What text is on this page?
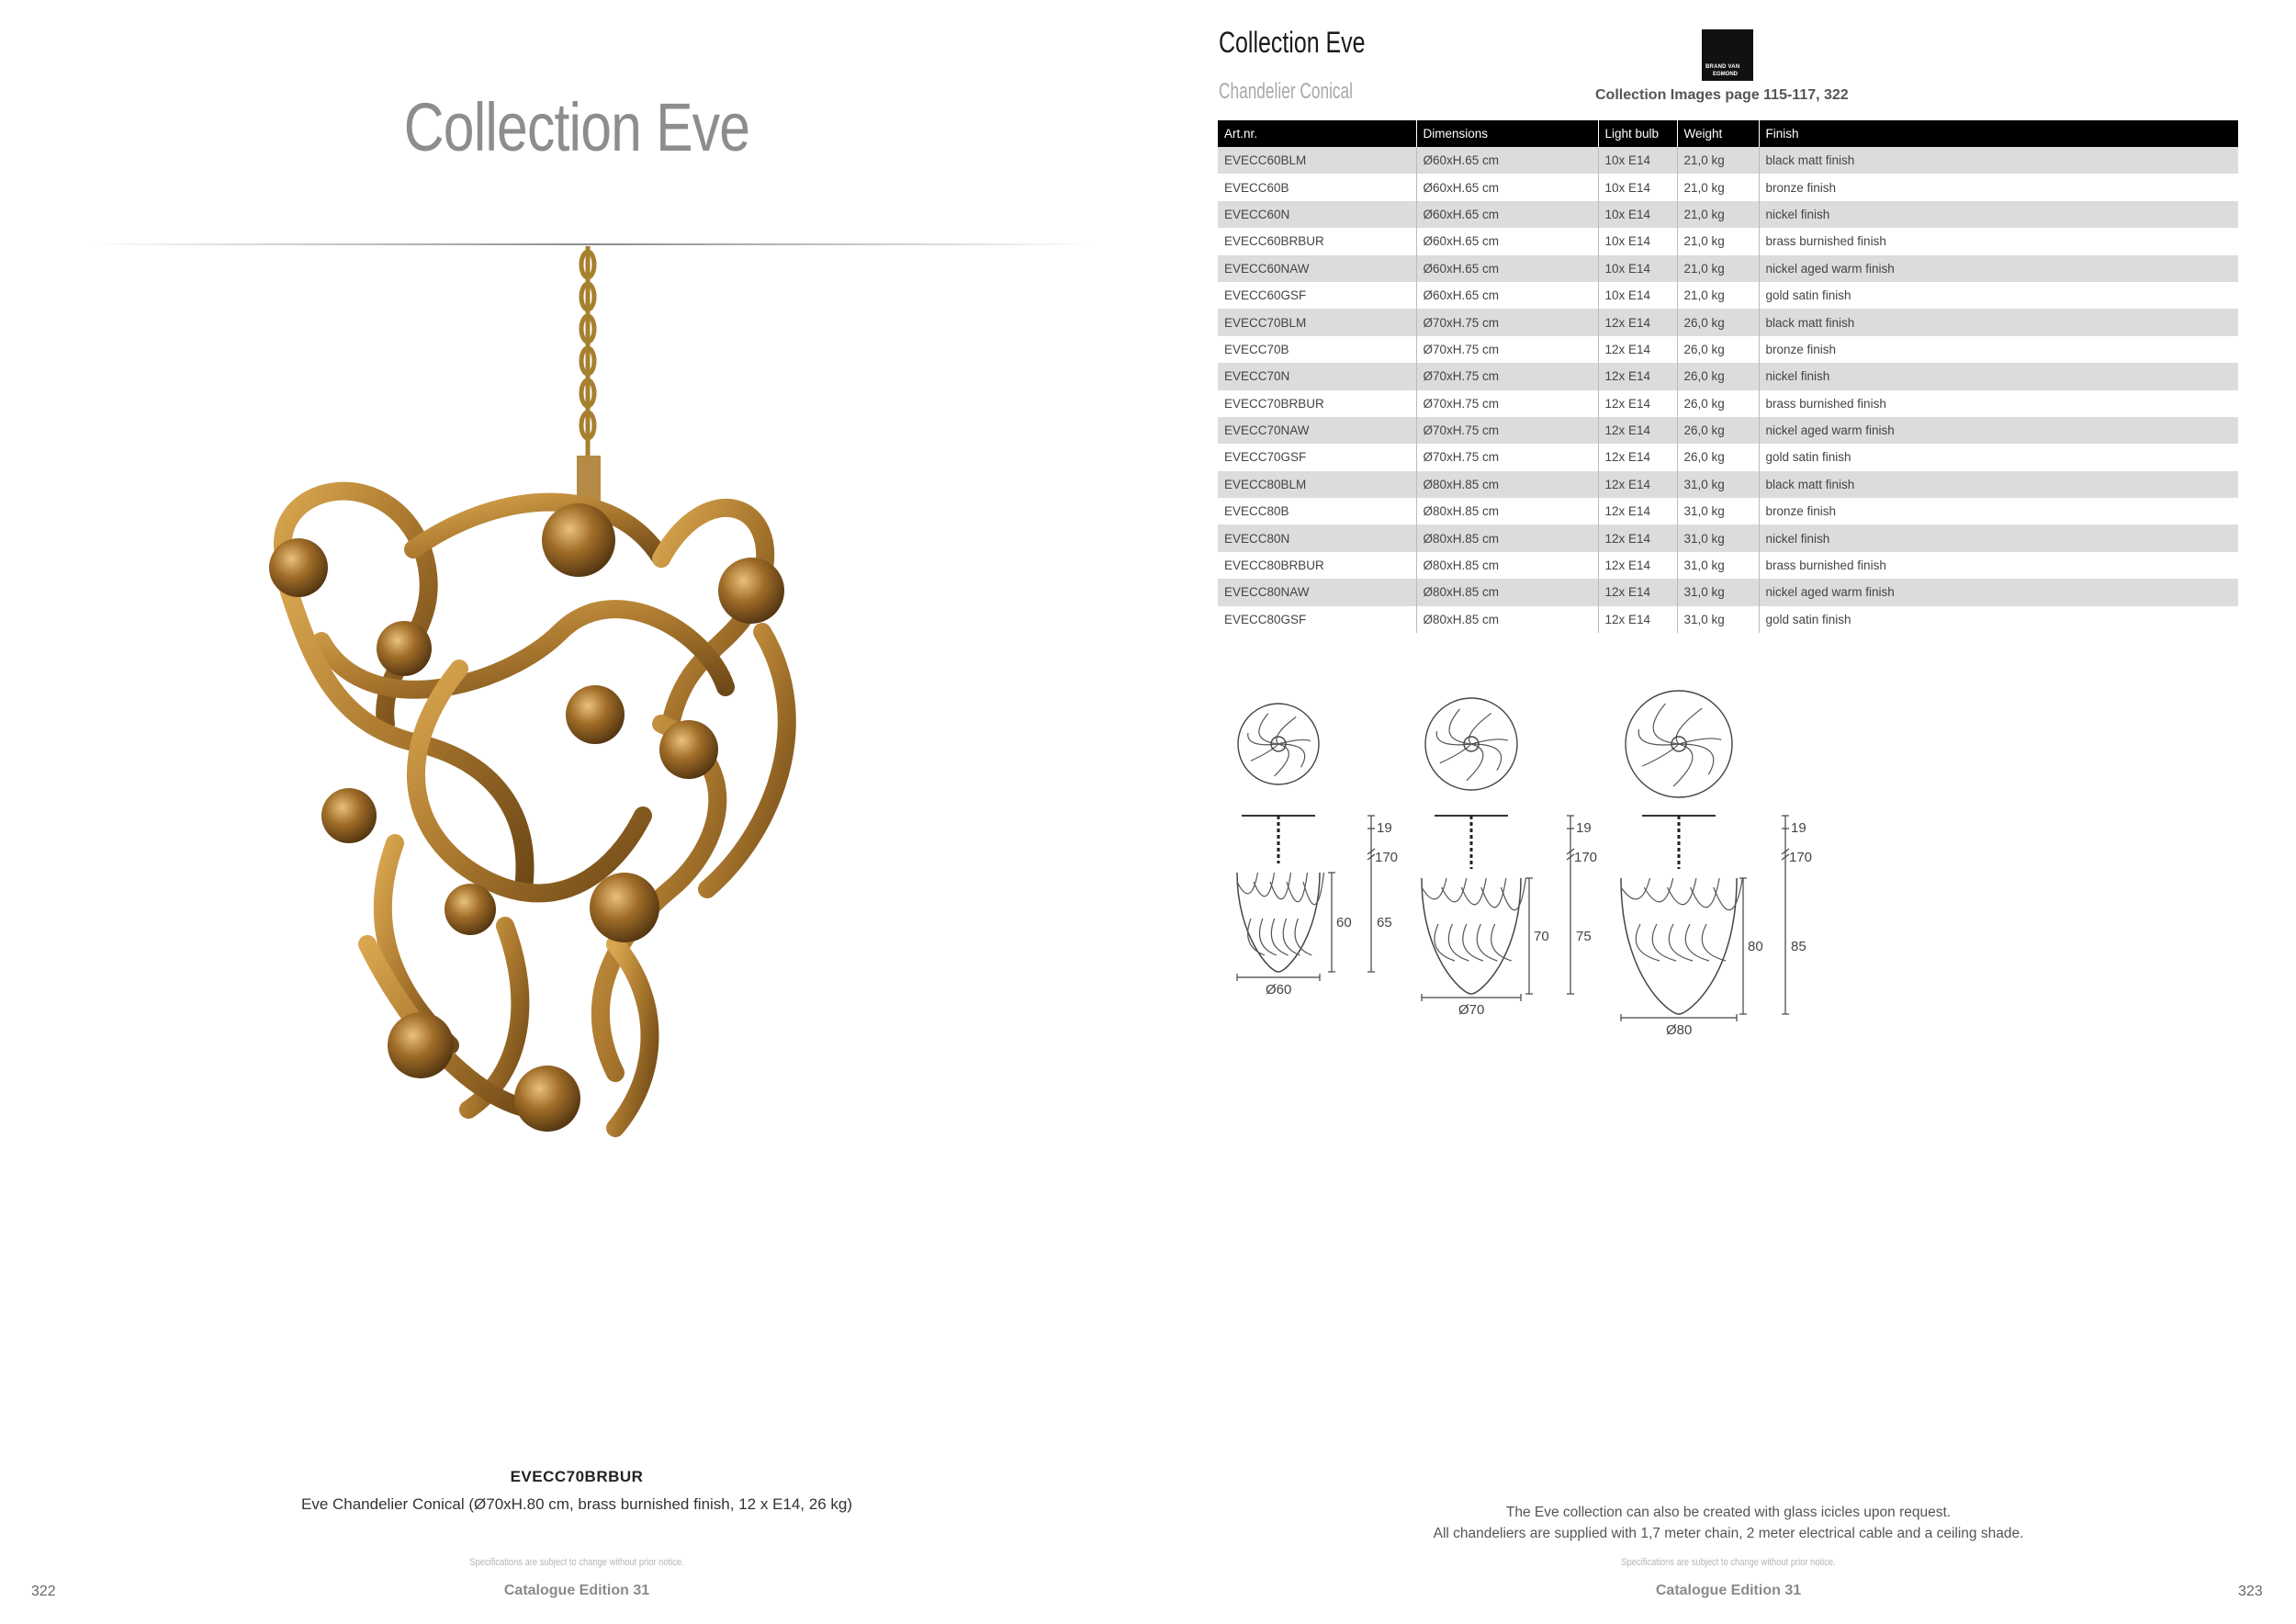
Collection Eve
EVECC70BRBUR
Eve Chandelier Conical (Ø70xH.80 cm, brass burnished finish, 12 x E14, 26 kg)
Specifications are subject to change without prior notice.
Catalogue Edition 31
322
Collection Eve
Chandelier Conical
BRAND VAN
EGMOND
Collection Images page 115-117, 322
Art.nr.	Dimensions	Light bulb	Weight	Finish
EVECC60BLM	Ø60xH.65 cm	10x E14	21,0 kg	black matt finish
EVECC60B	Ø60xH.65 cm	10x E14	21,0 kg	bronze finish
EVECC60N	Ø60xH.65 cm	10x E14	21,0 kg	nickel finish
EVECC60BRBUR	Ø60xH.65 cm	10x E14	21,0 kg	brass burnished finish
EVECC60NAW	Ø60xH.65 cm	10x E14	21,0 kg	nickel aged warm finish
EVECC60GSF	Ø60xH.65 cm	10x E14	21,0 kg	gold satin finish
EVECC70BLM	Ø70xH.75 cm	12x E14	26,0 kg	black matt finish
EVECC70B	Ø70xH.75 cm	12x E14	26,0 kg	bronze finish
EVECC70N	Ø70xH.75 cm	12x E14	26,0 kg	nickel finish
EVECC70BRBUR	Ø70xH.75 cm	12x E14	26,0 kg	brass burnished finish
EVECC70NAW	Ø70xH.75 cm	12x E14	26,0 kg	nickel aged warm finish
EVECC70GSF	Ø70xH.75 cm	12x E14	26,0 kg	gold satin finish
EVECC80BLM	Ø80xH.85 cm	12x E14	31,0 kg	black matt finish
EVECC80B	Ø80xH.85 cm	12x E14	31,0 kg	bronze finish
EVECC80N	Ø80xH.85 cm	12x E14	31,0 kg	nickel finish
EVECC80BRBUR	Ø80xH.85 cm	12x E14	31,0 kg	brass burnished finish
EVECC80NAW	Ø80xH.85 cm	12x E14	31,0 kg	nickel aged warm finish
EVECC80GSF	Ø80xH.85 cm	12x E14	31,0 kg	gold satin finish
19
170
60 65
Ø60
19
170
70 75
Ø70
19
170
80 85
Ø80
The Eve collection can also be created with glass icicles upon request.
All chandeliers are supplied with 1,7 meter chain, 2 meter electrical cable and a ceiling shade.
Specifications are subject to change without prior notice.
Catalogue Edition 31	323
